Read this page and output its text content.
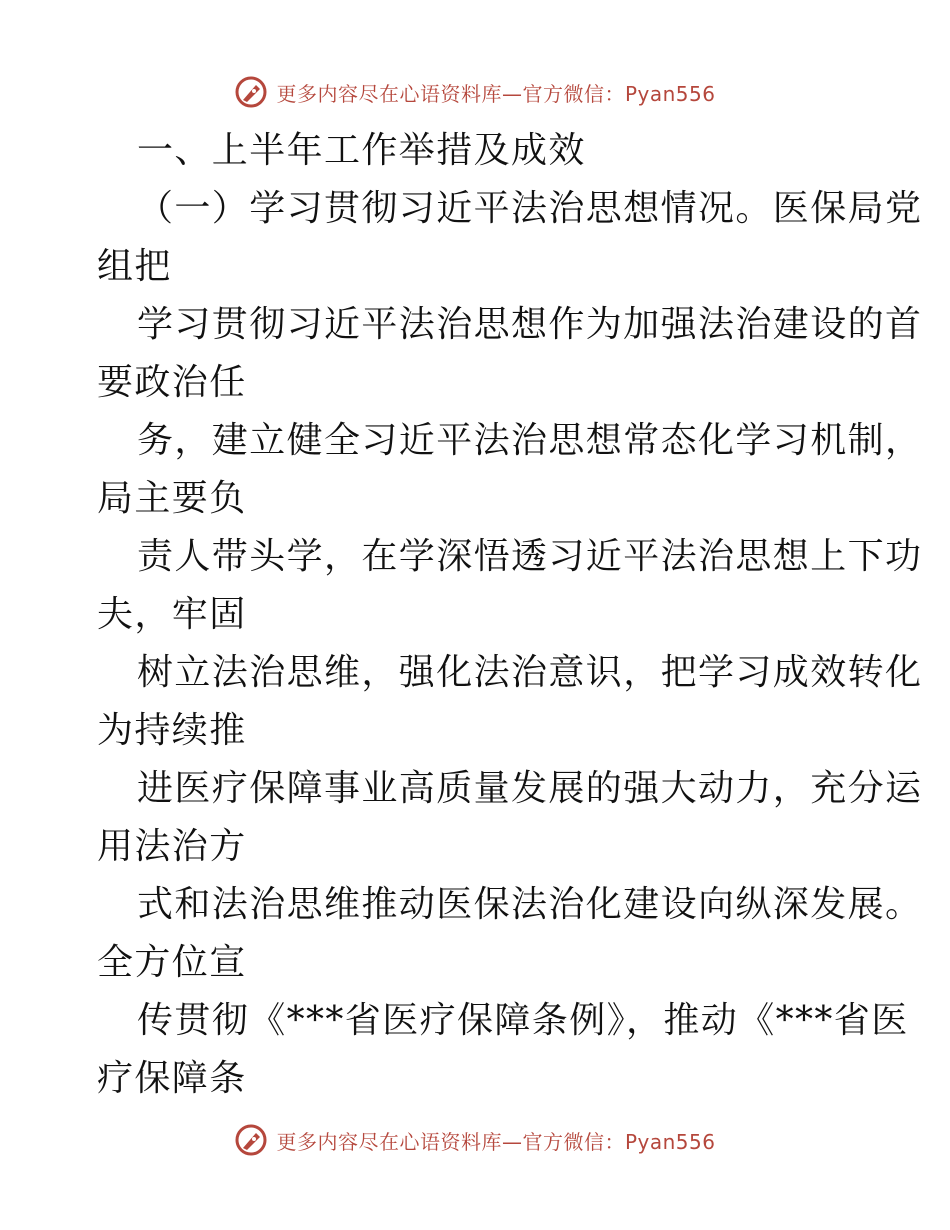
更多内容尽在心语资料库—官方微信：Pyan556
一、上半年工作举措及成效
（一）学习贯彻习近平法治思想情况。医保局党
组把
学习贯彻习近平法治思想作为加强法治建设的首
要政治任
务，建立健全习近平法治思想常态化学习机制，
局主要负
责人带头学，在学深悟透习近平法治思想上下功
夫，牢固
树立法治思维，强化法治意识，把学习成效转化
为持续推
进医疗保障事业高质量发展的强大动力，充分运
用法治方
式和法治思维推动医保法治化建设向纵深发展。
全方位宣
传贯彻《***省医疗保障条例》，推动《***省医
疗保障条
更多内容尽在心语资料库—官方微信：Pyan556
